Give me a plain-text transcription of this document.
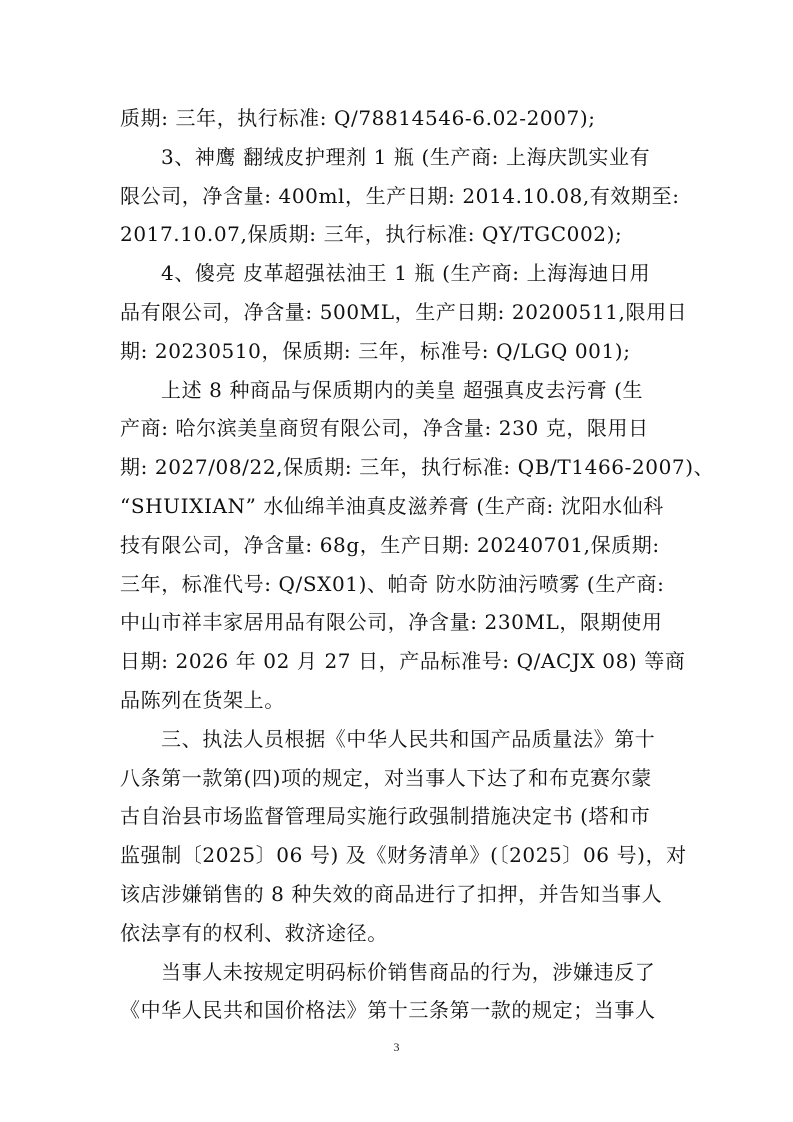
质期: 三年，执行标准: Q/78814546-6.02-2007);
3、神鹰 翻绒皮护理剂 1 瓶 (生产商: 上海庆凯实业有
限公司，净含量: 400ml，生产日期: 2014.10.08,有效期至:
2017.10.07,保质期: 三年，执行标准: QY/TGC002);
4、傻亮 皮革超强祛油王 1 瓶 (生产商: 上海海迪日用
品有限公司，净含量: 500ML，生产日期: 20200511,限用日
期: 20230510，保质期: 三年，标准号: Q/LGQ 001);
上述 8 种商品与保质期内的美皇 超强真皮去污膏 (生
产商: 哈尔滨美皇商贸有限公司，净含量: 230 克，限用日
期: 2027/08/22,保质期: 三年，执行标准: QB/T1466-2007)、
“SHUIXIAN” 水仙绵羊油真皮滋养膏 (生产商: 沈阳水仙科
技有限公司，净含量: 68g，生产日期: 20240701,保质期:
三年，标准代号: Q/SX01)、帕奇 防水防油污喷雾 (生产商:
中山市祥丰家居用品有限公司，净含量: 230ML，限期使用
日期: 2026 年 02 月 27 日，产品标准号: Q/ACJX 08) 等商
品陈列在货架上。
三、执法人员根据《中华人民共和国产品质量法》第十
八条第一款第(四)项的规定，对当事人下达了和布克赛尔蒙
古自治县市场监督管理局实施行政强制措施决定书 (塔和市
监强制〔2025〕06 号) 及《财务清单》(〔2025〕06 号)，对
该店涉嫌销售的 8 种失效的商品进行了扣押，并告知当事人
依法享有的权利、救济途径。
当事人未按规定明码标价销售商品的行为，涉嫌违反了
《中华人民共和国价格法》第十三条第一款的规定；当事人
3
